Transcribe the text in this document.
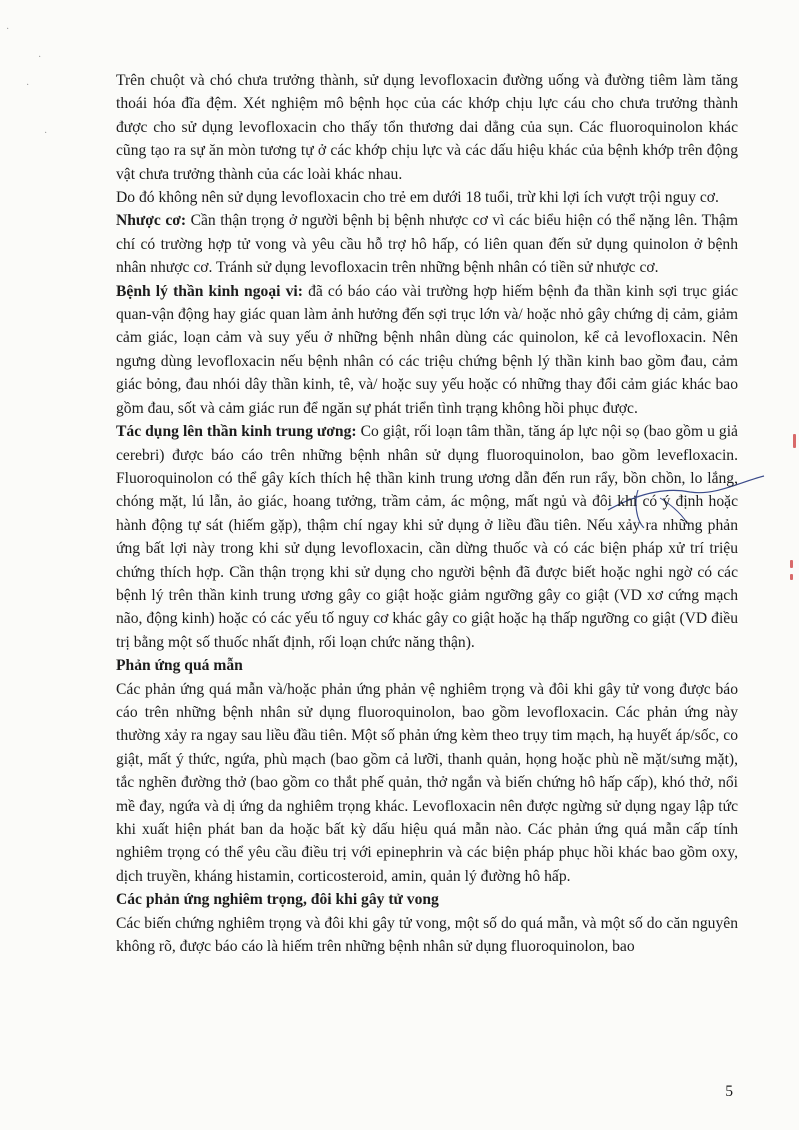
·
·
·
·

Trên chuột và chó chưa trưởng thành, sử dụng levofloxacin đường uống và đường tiêm làm tăng thoái hóa đĩa đệm. Xét nghiệm mô bệnh học của các khớp chịu lực cáu cho chưa trưởng thành được cho sử dụng levofloxacin cho thấy tổn thương dai dẳng của sụn. Các fluoroquinolon khác cũng tạo ra sự ăn mòn tương tự ở các khớp chịu lực và các dấu hiệu khác của bệnh khớp trên động vật chưa trưởng thành của các loài khác nhau.

Do đó không nên sử dụng levofloxacin cho trẻ em dưới 18 tuổi, trừ khi lợi ích vượt trội nguy cơ.

Nhược cơ: Cần thận trọng ở người bệnh bị bệnh nhược cơ vì các biểu hiện có thể nặng lên. Thậm chí có trường hợp tử vong và yêu cầu hỗ trợ hô hấp, có liên quan đến sử dụng quinolon ở bệnh nhân nhược cơ. Tránh sử dụng levofloxacin trên những bệnh nhân có tiền sử nhược cơ.

Bệnh lý thần kinh ngoại vi: đã có báo cáo vài trường hợp hiếm bệnh đa thần kinh sợi trục giác quan-vận động hay giác quan làm ảnh hưởng đến sợi trục lớn và/ hoặc nhỏ gây chứng dị cảm, giảm cảm giác, loạn cảm và suy yếu ở những bệnh nhân dùng các quinolon, kể cả levofloxacin. Nên ngưng dùng levofloxacin nếu bệnh nhân có các triệu chứng bệnh lý thần kinh bao gồm đau, cảm giác bỏng, đau nhói dây thần kinh, tê, và/ hoặc suy yếu hoặc có những thay đổi cảm giác khác bao gồm đau, sốt và cảm giác run để ngăn sự phát triển tình trạng không hồi phục được.

Tác dụng lên thần kinh trung ương: Co giật, rối loạn tâm thần, tăng áp lực nội sọ (bao gồm u giả cerebri) được báo cáo trên những bệnh nhân sử dụng fluoroquinolon, bao gồm levefloxacin. Fluoroquinolon có thể gây kích thích hệ thần kinh trung ương dẫn đến run rẩy, bồn chồn, lo lắng, chóng mặt, lú lẫn, ảo giác, hoang tưởng, trầm cảm, ác mộng, mất ngủ và đôi khi có ý định hoặc hành động tự sát (hiếm gặp), thậm chí ngay khi sử dụng ở liều đầu tiên. Nếu xảy ra những phản ứng bất lợi này trong khi sử dụng levofloxacin, cần dừng thuốc và có các biện pháp xử trí triệu chứng thích hợp. Cần thận trọng khi sử dụng cho người bệnh đã được biết hoặc nghi ngờ có các bệnh lý trên thần kinh trung ương gây co giật hoặc giảm ngưỡng gây co giật (VD xơ cứng mạch não, động kinh) hoặc có các yếu tố nguy cơ khác gây co giật hoặc hạ thấp ngưỡng co giật (VD điều trị bằng một số thuốc nhất định, rối loạn chức năng thận).

Phản ứng quá mẫn

Các phản ứng quá mẫn và/hoặc phản ứng phản vệ nghiêm trọng và đôi khi gây tử vong được báo cáo trên những bệnh nhân sử dụng fluoroquinolon, bao gồm levofloxacin. Các phản ứng này thường xảy ra ngay sau liều đầu tiên. Một số phản ứng kèm theo trụy tim mạch, hạ huyết áp/sốc, co giật, mất ý thức, ngứa, phù mạch (bao gồm cả lưỡi, thanh quản, họng hoặc phù nề mặt/sưng mặt), tắc nghẽn đường thở (bao gồm co thắt phế quản, thở ngắn và biến chứng hô hấp cấp), khó thở, nổi mề đay, ngứa và dị ứng da nghiêm trọng khác. Levofloxacin nên được ngừng sử dụng ngay lập tức khi xuất hiện phát ban da hoặc bất kỳ dấu hiệu quá mẫn nào. Các phản ứng quá mẫn cấp tính nghiêm trọng có thể yêu cầu điều trị với epinephrin và các biện pháp phục hồi khác bao gồm oxy, dịch truyền, kháng histamin, corticosteroid, amin, quản lý đường hô hấp.

Các phản ứng nghiêm trọng, đôi khi gây tử vong

Các biến chứng nghiêm trọng và đôi khi gây tử vong, một số do quá mẫn, và một số do căn nguyên không rõ, được báo cáo là hiếm trên những bệnh nhân sử dụng fluoroquinolon, bao

5
